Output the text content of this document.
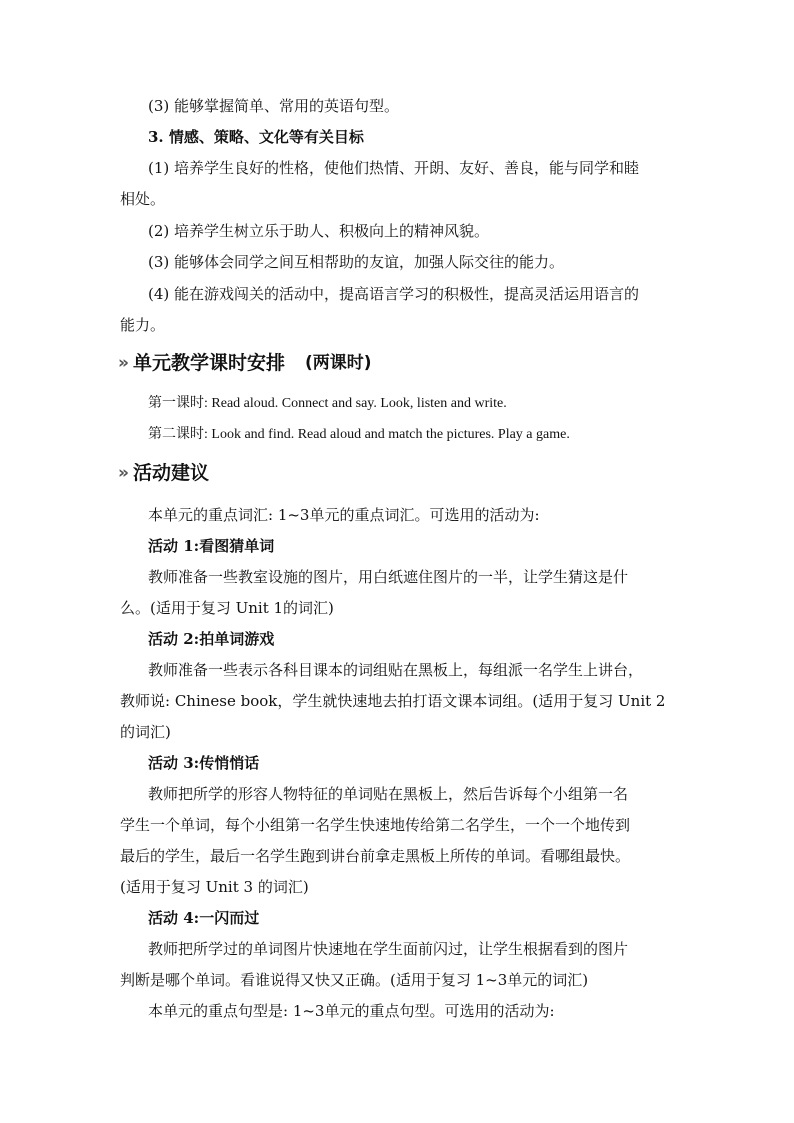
(3) 能够掌握简单、常用的英语句型。
3. 情感、策略、文化等有关目标
(1) 培养学生良好的性格，使他们热情、开朗、友好、善良，能与同学和睦
相处。
(2) 培养学生树立乐于助人、积极向上的精神风貌。
(3) 能够体会同学之间互相帮助的友谊，加强人际交往的能力。
(4) 能在游戏闯关的活动中，提高语言学习的积极性，提高灵活运用语言的
能力。
» 单元教学课时安排 (两课时)
第一课时: Read aloud. Connect and say. Look, listen and write.
第二课时: Look and find. Read aloud and match the pictures. Play a game.
» 活动建议
本单元的重点词汇: 1~3单元的重点词汇。可选用的活动为:
活动 1:看图猜单词
教师准备一些教室设施的图片，用白纸遮住图片的一半，让学生猜这是什
么。(适用于复习 Unit 1的词汇)
活动 2:拍单词游戏
教师准备一些表示各科目课本的词组贴在黑板上，每组派一名学生上讲台，
教师说: Chinese book，学生就快速地去拍打语文课本词组。(适用于复习 Unit 2
的词汇)
活动 3:传悄悄话
教师把所学的形容人物特征的单词贴在黑板上，然后告诉每个小组第一名
学生一个单词，每个小组第一名学生快速地传给第二名学生，一个一个地传到
最后的学生，最后一名学生跑到讲台前拿走黑板上所传的单词。看哪组最快。
(适用于复习 Unit 3 的词汇)
活动 4:一闪而过
教师把所学过的单词图片快速地在学生面前闪过，让学生根据看到的图片
判断是哪个单词。看谁说得又快又正确。(适用于复习 1~3单元的词汇)
本单元的重点句型是: 1~3单元的重点句型。可选用的活动为:
